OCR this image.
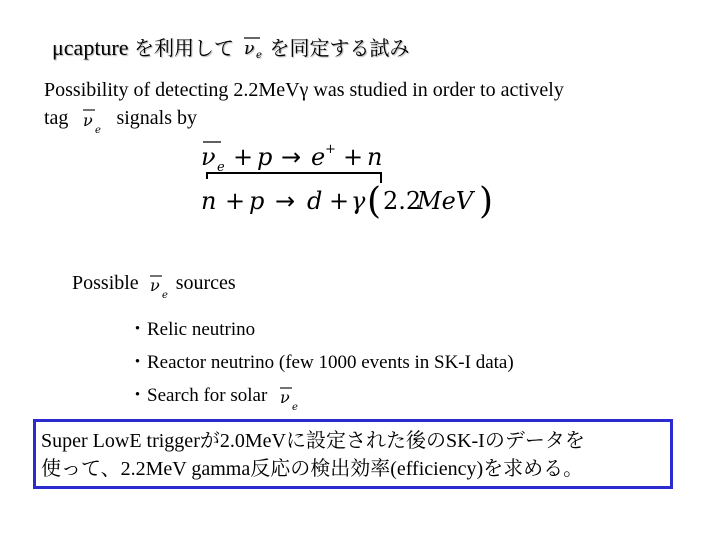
μcapture を利用して ν e を同定する試み
Possibility of detecting 2.2MeVγ was studied in order to actively
tag ν
e
signals by
ν e + p → e + + n
n + p → d + γ ( 2.2
MeV )
Possible ν
e
sources
・Relic neutrino
・Reactor neutrino (few 1000 events in SK-I data)
・Search for solar ν
e
Super LowE triggerが2.0MeVに設定された後のSK-Iのデータを
使って、2.2MeV gamma反応の検出効率(efficiency)を求める。
